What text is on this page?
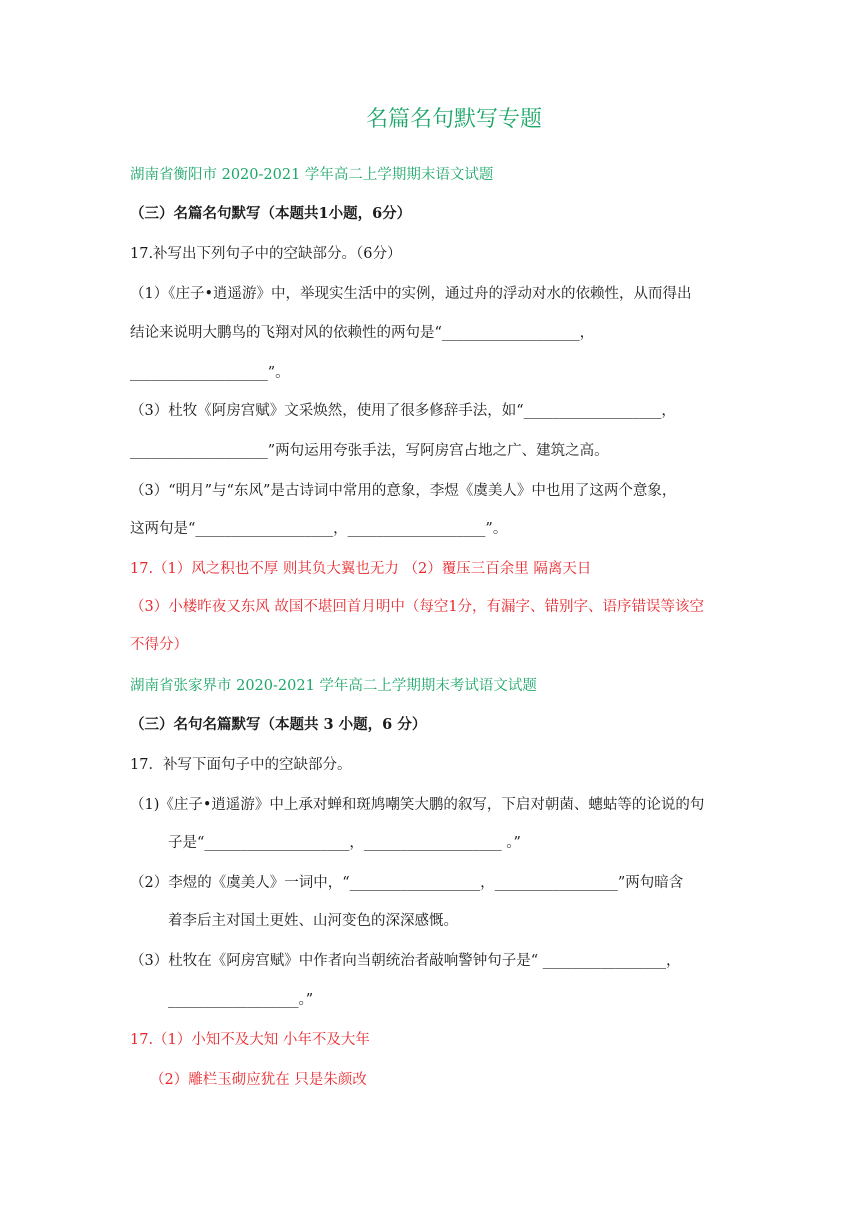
名篇名句默写专题
湖南省衡阳市 2020-2021 学年高二上学期期末语文试题
（三）名篇名句默写（本题共1小题，6分）
17.补写出下列句子中的空缺部分。（6分）
（1）《庄子•逍遥游》中，举现实生活中的实例，通过舟的浮动对水的依赖性，从而得出
结论来说明大鹏鸟的飞翔对风的依赖性的两句是“___________________，
___________________”。
（3）杜牧《阿房宫赋》文采焕然，使用了很多修辞手法，如“___________________，
___________________”两句运用夸张手法，写阿房宫占地之广、建筑之高。
（3）“明月”与“东风”是古诗词中常用的意象，李煜《虞美人》中也用了这两个意象，
这两句是“___________________，___________________”。
17.（1）风之积也不厚 则其负大翼也无力 （2）覆压三百余里 隔离天日
（3）小楼昨夜又东风 故国不堪回首月明中（每空1分，有漏字、错别字、语序错误等该空
不得分）
湖南省张家界市 2020-2021 学年高二上学期期末考试语文试题
（三）名句名篇默写（本题共 3 小题，6 分）
17．补写下面句子中的空缺部分。
（1)《庄子•逍遥游》中上承对蝉和斑鸠嘲笑大鹏的叙写，下启对朝菌、蟪蛄等的论说的句
子是“____________________，___________________ 。”
（2）李煜的《虞美人》一词中，“__________________，_________________”两句暗含
着李后主对国土更姓、山河变色的深深感慨。
（3）杜牧在《阿房宫赋》中作者向当朝统治者敲响警钟句子是“ _________________，
__________________。”
17.（1）小知不及大知 小年不及大年
（2）雕栏玉砌应犹在 只是朱颜改
